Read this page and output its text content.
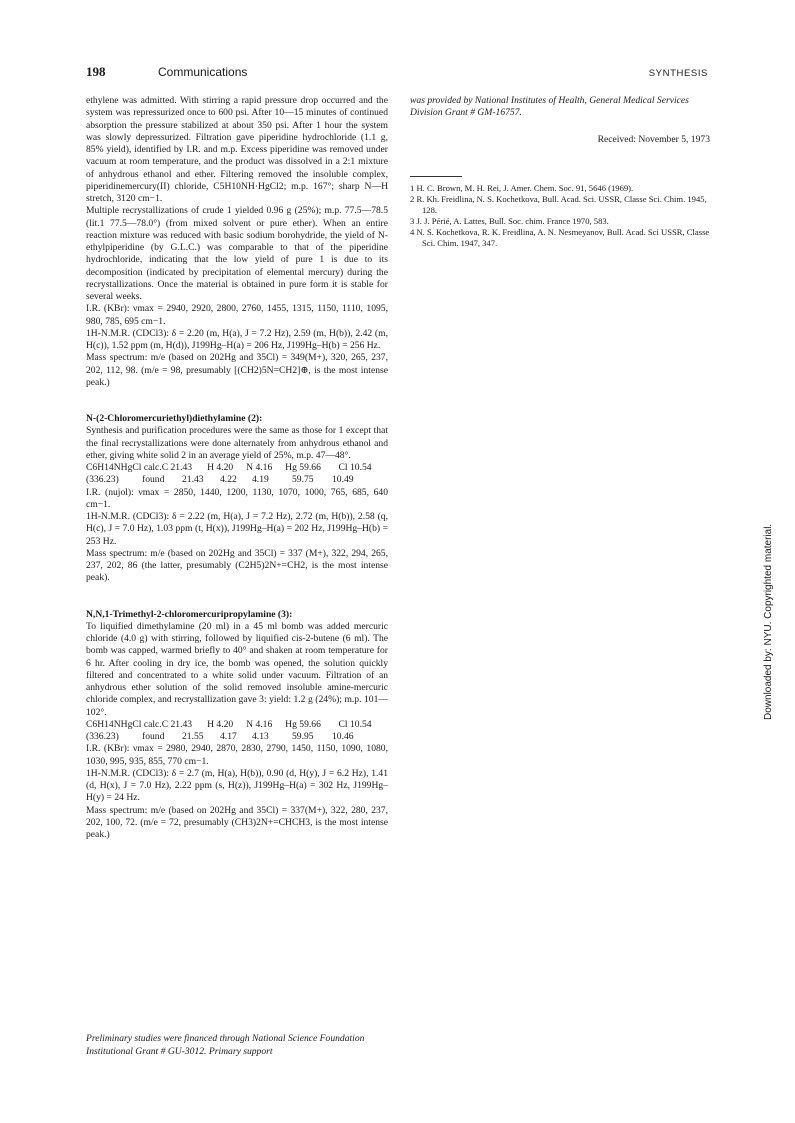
198	Communications	SYNTHESIS

ethylene was admitted. With stirring a rapid pressure drop occurred and the system was repressurized once to 600 psi. After 10—15 minutes of continued absorption the pressure stabilized at about 350 psi. After 1 hour the system was slowly depressurized. Filtration gave piperidine hydrochloride (1.1 g, 85% yield), identified by I.R. and m.p. Excess piperidine was removed under vacuum at room temperature, and the product was dissolved in a 2:1 mixture of anhydrous ethanol and ether. Filtering removed the insoluble complex, piperidinemercury(II) chloride, C5H10NH·HgCl2; m.p. 167°; sharp N—H stretch, 3120 cm−1.

Multiple recrystallizations of crude 1 yielded 0.96 g (25%); m.p. 77.5—78.5 (lit.1 77.5—78.0°) (from mixed solvent or pure ether). When an entire reaction mixture was reduced with basic sodium borohydride, the yield of N-ethylpiperidine (by G.L.C.) was comparable to that of the piperidine hydrochloride, indicating that the low yield of pure 1 is due to its decomposition (indicated by precipitation of elemental mercury) during the recrystallizations. Once the material is obtained in pure form it is stable for several weeks.

I.R. (KBr): νmax = 2940, 2920, 2800, 2760, 1455, 1315, 1150, 1110, 1095, 980, 785, 695 cm−1.

1H-N.M.R. (CDCl3): δ = 2.20 (m, H(a), J = 7.2 Hz), 2.59 (m, H(b)), 2.42 (m, H(c)), 1.52 ppm (m, H(d)), J199Hg–H(a) = 206 Hz, J199Hg–H(b) = 256 Hz.

Mass spectrum: m/e (based on 202Hg and 35Cl) = 349(M+), 320, 265, 237, 202, 112, 98. (m/e = 98, presumably [(CH2)5N=CH2]⊕, is the most intense peak.)

N-(2-Chloromercuriethyl)diethylamine (2):

Synthesis and purification procedures were the same as those for 1 except that the final recrystallizations were done alternately from anhydrous ethanol and ether, giving white solid 2 in an average yield of 25%, m.p. 47—48°.

C6H14NHgCl calc.	C 21.43	H 4.20	N 4.16	Hg 59.66	Cl 10.54
(336.23)	found	21.43	4.22	4.19	59.75	10.49

I.R. (nujol): νmax = 2850, 1440, 1200, 1130, 1070, 1000, 765, 685, 640 cm−1.

1H-N.M.R. (CDCl3): δ = 2.22 (m, H(a), J = 7.2 Hz), 2.72 (m, H(b)), 2.58 (q, H(c), J = 7.0 Hz), 1.03 ppm (t, H(x)), J199Hg–H(a) = 202 Hz, J199Hg–H(b) = 253 Hz.

Mass spectrum: m/e (based on 202Hg and 35Cl) = 337 (M+), 322, 294, 265, 237, 202, 86 (the latter, presumably (C2H5)2N+=CH2, is the most intense peak).

N,N,1-Trimethyl-2-chloromercuripropylamine (3):

To liquified dimethylamine (20 ml) in a 45 ml bomb was added mercuric chloride (4.0 g) with stirring, followed by liquified cis-2-butene (6 ml). The bomb was capped, warmed briefly to 40° and shaken at room temperature for 6 hr. After cooling in dry ice, the bomb was opened, the solution quickly filtered and concentrated to a white solid under vacuum. Filtration of an anhydrous ether solution of the solid removed insoluble amine-mercuric chloride complex, and recrystallization gave 3: yield: 1.2 g (24%); m.p. 101—102°.

C6H14NHgCl calc.	C 21.43	H 4.20	N 4.16	Hg 59.66	Cl 10.54
(336.23)	found	21.55	4.17	4.13	59.95	10.46

I.R. (KBr): νmax = 2980, 2940, 2870, 2830, 2790, 1450, 1150, 1090, 1080, 1030, 995, 935, 855, 770 cm−1.

1H-N.M.R. (CDCl3): δ = 2.7 (m, H(a), H(b)), 0.90 (d, H(y), J = 6.2 Hz), 1.41 (d, H(x), J = 7.0 Hz), 2.22 ppm (s, H(z)), J199Hg–H(a) = 302 Hz, J199Hg–H(y) = 24 Hz.

Mass spectrum: m/e (based on 202Hg and 35Cl) = 337(M+), 322, 280, 237, 202, 100, 72. (m/e = 72, presumably (CH3)2N+=CHCH3, is the most intense peak.)

Preliminary studies were financed through National Science Foundation Institutional Grant # GU-3012. Primary support

was provided by National Institutes of Health, General Medical Services Division Grant # GM-16757.

Received: November 5, 1973

1 H. C. Brown, M. H. Rei, J. Amer. Chem. Soc. 91, 5646 (1969).

2 R. Kh. Freidlina, N. S. Kochetkova, Bull. Acad. Sci. USSR, Classe Sci. Chim. 1945, 128.

3 J. J. Périé, A. Lattes, Bull. Soc. chim. France 1970, 583.

4 N. S. Kochetkova, R. K. Freidlina, A. N. Nesmeyanov, Bull. Acad. Sci USSR, Classe Sci. Chim. 1947, 347.

Downloaded by: NYU. Copyrighted material.
